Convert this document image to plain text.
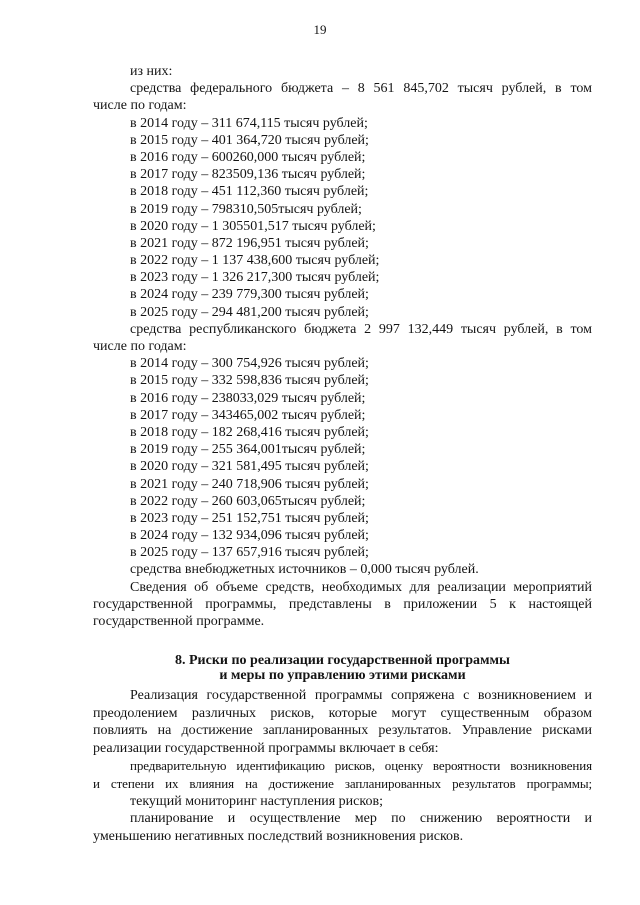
19
из них:
средства федерального бюджета – 8 561 845,702 тысяч рублей, в том
числе по годам:
в 2014 году – 311 674,115 тысяч рублей;
в 2015 году – 401 364,720 тысяч рублей;
в 2016 году – 600260,000 тысяч рублей;
в 2017 году – 823509,136 тысяч рублей;
в 2018 году – 451 112,360 тысяч рублей;
в 2019 году – 798310,505тысяч рублей;
в 2020 году – 1 305501,517 тысяч рублей;
в 2021 году – 872 196,951 тысяч рублей;
в 2022 году – 1 137 438,600 тысяч рублей;
в 2023 году – 1 326 217,300 тысяч рублей;
в 2024 году – 239 779,300 тысяч рублей;
в 2025 году – 294 481,200 тысяч рублей;
средства республиканского бюджета 2 997 132,449 тысяч рублей, в том
числе по годам:
в 2014 году – 300 754,926 тысяч рублей;
в 2015 году – 332 598,836 тысяч рублей;
в 2016 году – 238033,029 тысяч рублей;
в 2017 году – 343465,002 тысяч рублей;
в 2018 году – 182 268,416 тысяч рублей;
в 2019 году – 255 364,001тысяч рублей;
в 2020 году – 321 581,495 тысяч рублей;
в 2021 году – 240 718,906 тысяч рублей;
в 2022 году – 260 603,065тысяч рублей;
в 2023 году – 251 152,751 тысяч рублей;
в 2024 году – 132 934,096 тысяч рублей;
в 2025 году – 137 657,916 тысяч рублей;
средства внебюджетных источников – 0,000 тысяч рублей.
Сведения об объеме средств, необходимых для реализации мероприятий
государственной программы, представлены в приложении 5 к настоящей
государственной программе.
8. Риски по реализации государственной программы
и меры по управлению этими рисками
Реализация государственной программы сопряжена с возникновением и
преодолением различных рисков, которые могут существенным образом
повлиять на достижение запланированных результатов. Управление рисками
реализации государственной программы включает в себя:
предварительную идентификацию рисков, оценку вероятности возникновения
и степени их влияния на достижение запланированных результатов программы;
текущий мониторинг наступления рисков;
планирование и осуществление мер по снижению вероятности и
уменьшению негативных последствий возникновения рисков.
